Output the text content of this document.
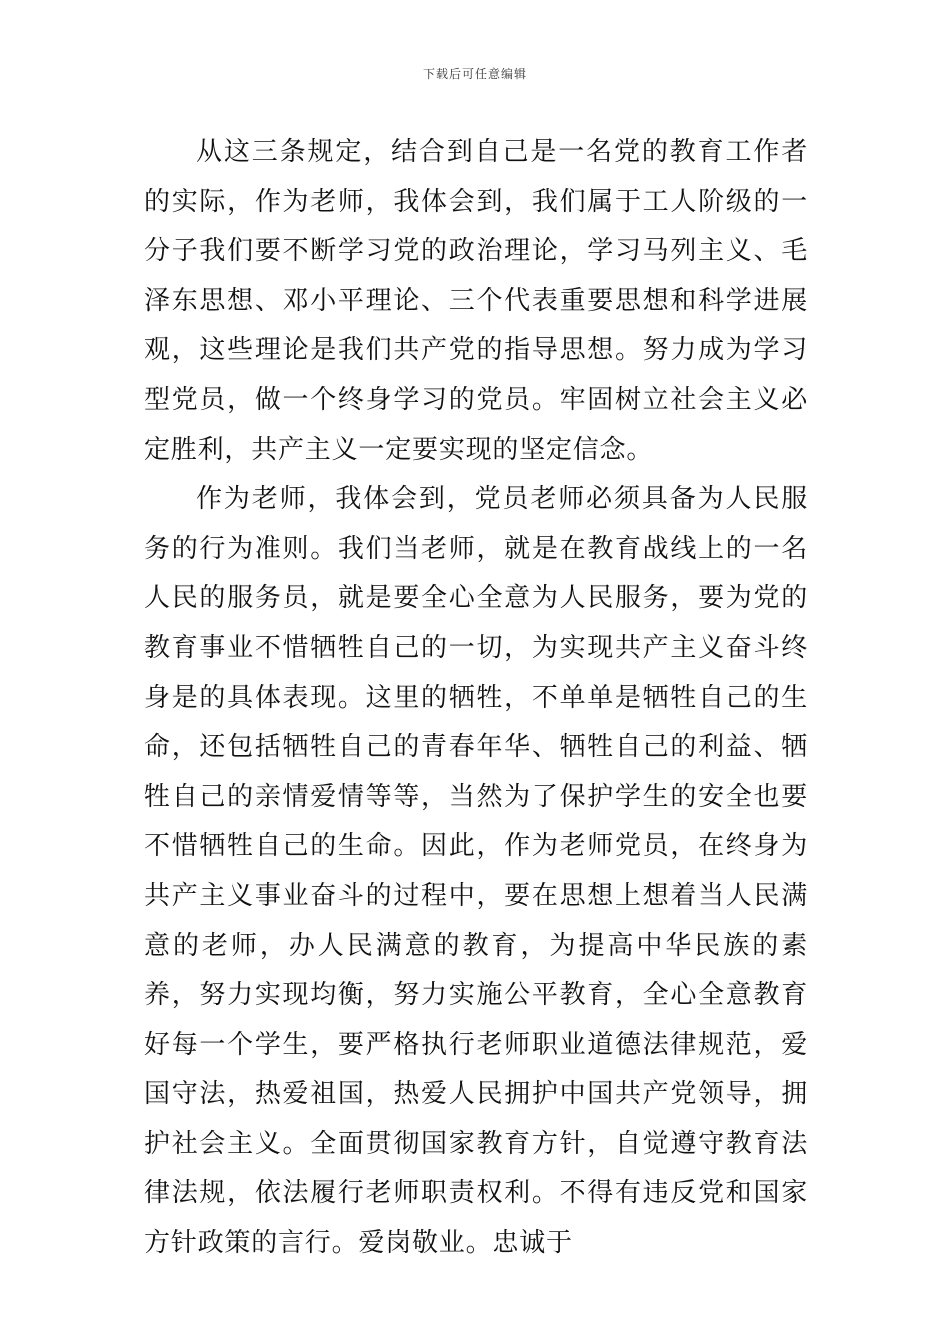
下载后可任意编辑

从这三条规定，结合到自己是一名党的教育工作者的实际，作为老师，我体会到，我们属于工人阶级的一分子我们要不断学习党的政治理论，学习马列主义、毛泽东思想、邓小平理论、三个代表重要思想和科学进展观，这些理论是我们共产党的指导思想。努力成为学习型党员，做一个终身学习的党员。牢固树立社会主义必定胜利，共产主义一定要实现的坚定信念。

作为老师，我体会到，党员老师必须具备为人民服务的行为准则。我们当老师，就是在教育战线上的一名人民的服务员，就是要全心全意为人民服务，要为党的教育事业不惜牺牲自己的一切，为实现共产主义奋斗终身是的具体表现。这里的牺牲，不单单是牺牲自己的生命，还包括牺牲自己的青春年华、牺牲自己的利益、牺牲自己的亲情爱情等等，当然为了保护学生的安全也要不惜牺牲自己的生命。因此，作为老师党员，在终身为共产主义事业奋斗的过程中，要在思想上想着当人民满意的老师，办人民满意的教育，为提高中华民族的素养，努力实现均衡，努力实施公平教育，全心全意教育好每一个学生，要严格执行老师职业道德法律规范，爱国守法，热爱祖国，热爱人民拥护中国共产党领导，拥护社会主义。全面贯彻国家教育方针，自觉遵守教育法律法规，依法履行老师职责权利。不得有违反党和国家方针政策的言行。爱岗敬业。忠诚于
